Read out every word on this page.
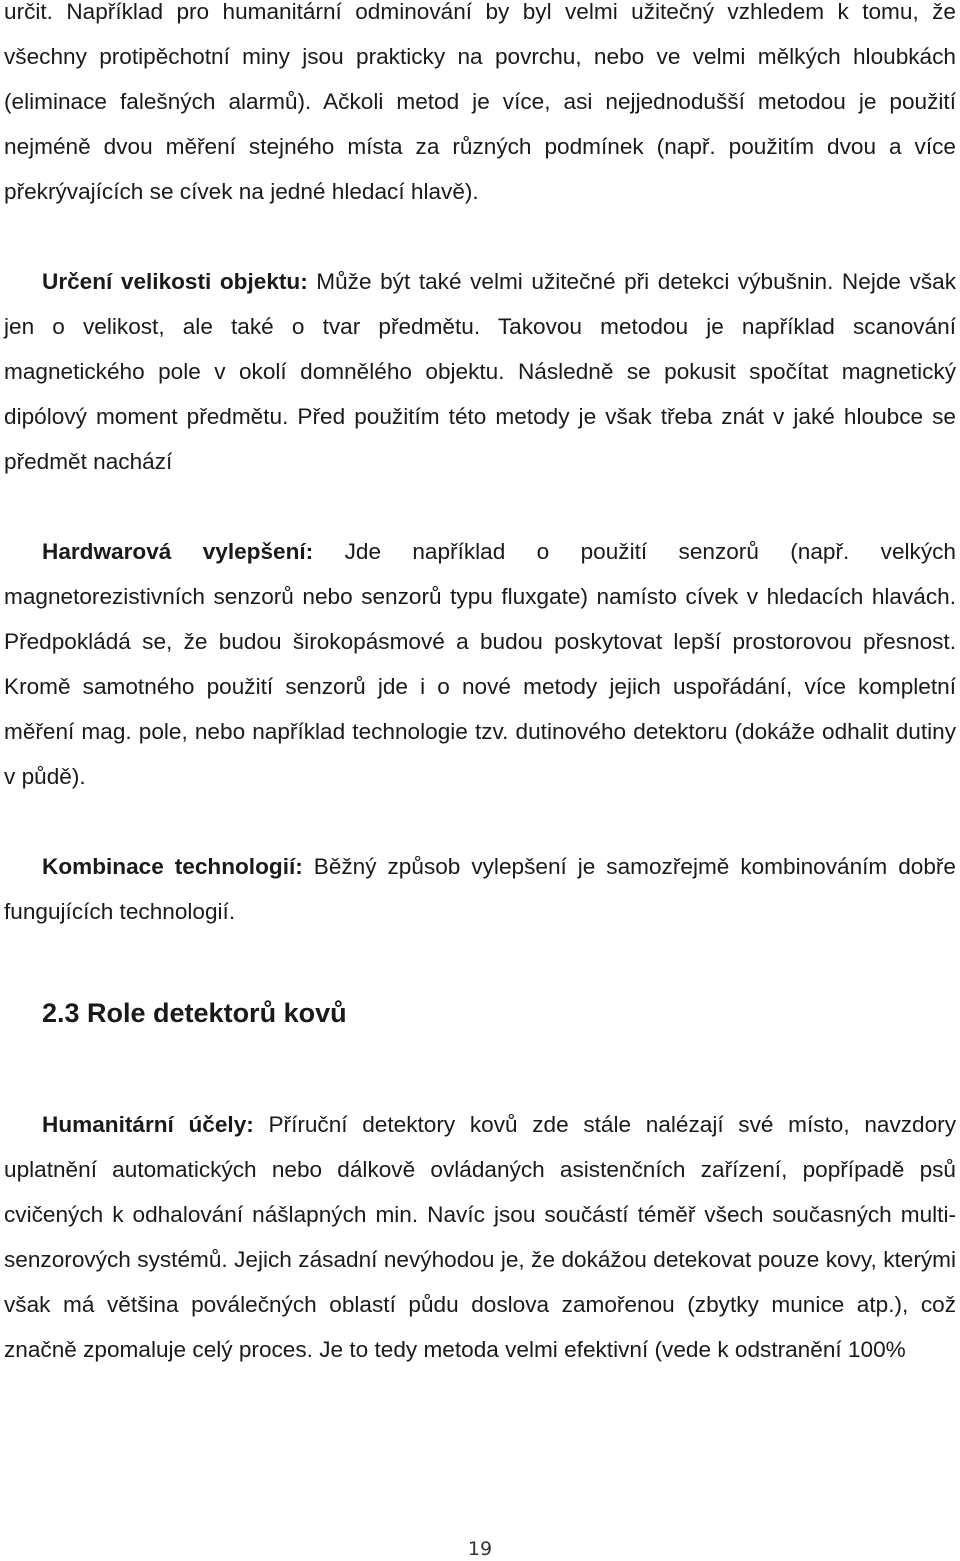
určit. Například pro humanitární odminování by byl velmi užitečný vzhledem k tomu, že všechny protipěchotní miny jsou prakticky na povrchu, nebo ve velmi mělkých hloubkách (eliminace falešných alarmů). Ačkoli metod je více, asi nejjednodušší metodou je použití nejméně dvou měření stejného místa za různých podmínek (např. použitím dvou a více překrývajících se cívek na jedné hledací hlavě).

Určení velikosti objektu: Může být také velmi užitečné při detekci výbušnin. Nejde však jen o velikost, ale také o tvar předmětu. Takovou metodou je například scanování magnetického pole v okolí domnělého objektu. Následně se pokusit spočítat magnetický dipólový moment předmětu. Před použitím této metody je však třeba znát v jaké hloubce se předmět nachází

Hardwarová vylepšení: Jde například o použití senzorů (např. velkých magnetorezistivních senzorů nebo senzorů typu fluxgate) namísto cívek v hledacích hlavách. Předpokládá se, že budou širokopásmové a budou poskytovat lepší prostorovou přesnost. Kromě samotného použití senzorů jde i o nové metody jejich uspořádání, více kompletní měření mag. pole, nebo například technologie tzv. dutinového detektoru (dokáže odhalit dutiny v půdě).

Kombinace technologií: Běžný způsob vylepšení je samozřejmě kombinováním dobře fungujících technologií.

2.3 Role detektorů kovů

Humanitární účely: Příruční detektory kovů zde stále nalézají své místo, navzdory uplatnění automatických nebo dálkově ovládaných asistenčních zařízení, popřípadě psů cvičených k odhalování nášlapných min. Navíc jsou součástí téměř všech současných multi-senzorových systémů. Jejich zásadní nevýhodou je, že dokážou detekovat pouze kovy, kterými však má většina poválečných oblastí půdu doslova zamořenou (zbytky munice atp.), což značně zpomaluje celý proces. Je to tedy metoda velmi efektivní (vede k odstranění 100%

19
